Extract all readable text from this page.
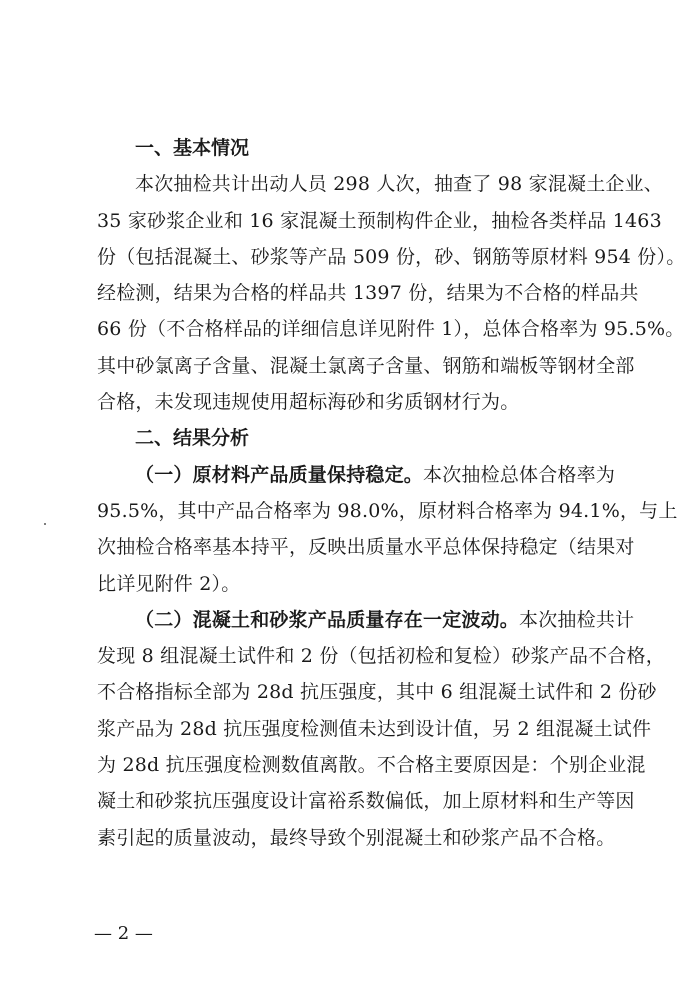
一、基本情况
本次抽检共计出动人员 298 人次，抽查了 98 家混凝土企业、
35 家砂浆企业和 16 家混凝土预制构件企业，抽检各类样品 1463
份（包括混凝土、砂浆等产品 509 份，砂、钢筋等原材料 954 份）。
经检测，结果为合格的样品共 1397 份，结果为不合格的样品共
66 份（不合格样品的详细信息详见附件 1），总体合格率为 95.5%。
其中砂氯离子含量、混凝土氯离子含量、钢筋和端板等钢材全部
合格，未发现违规使用超标海砂和劣质钢材行为。
二、结果分析
（一）原材料产品质量保持稳定。本次抽检总体合格率为
95.5%，其中产品合格率为 98.0%，原材料合格率为 94.1%，与上
次抽检合格率基本持平，反映出质量水平总体保持稳定（结果对
比详见附件 2）。
（二）混凝土和砂浆产品质量存在一定波动。本次抽检共计
发现 8 组混凝土试件和 2 份（包括初检和复检）砂浆产品不合格，
不合格指标全部为 28d 抗压强度，其中 6 组混凝土试件和 2 份砂
浆产品为 28d 抗压强度检测值未达到设计值，另 2 组混凝土试件
为 28d 抗压强度检测数值离散。不合格主要原因是：个别企业混
凝土和砂浆抗压强度设计富裕系数偏低，加上原材料和生产等因
素引起的质量波动，最终导致个别混凝土和砂浆产品不合格。
— 2 —
